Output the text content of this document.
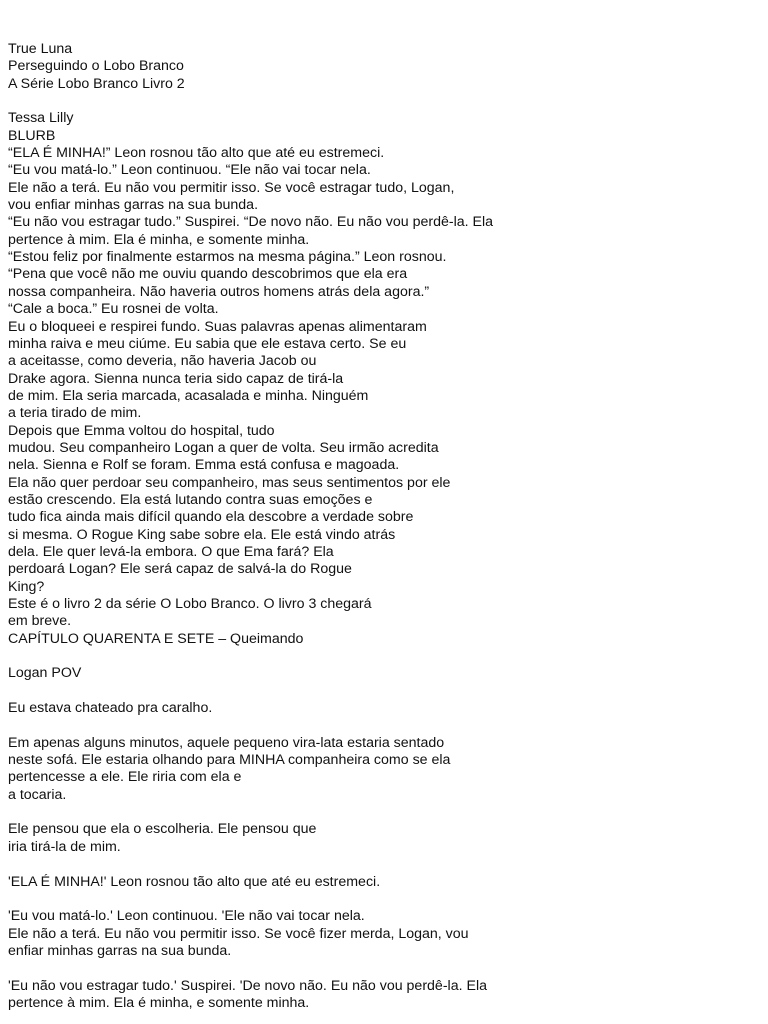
True Luna
Perseguindo o Lobo Branco
A Série Lobo Branco Livro 2
Tessa Lilly
BLURB
“ELA É MINHA!” Leon rosnou tão alto que até eu estremeci.
“Eu vou matá-lo.” Leon continuou. “Ele não vai tocar nela.
Ele não a terá. Eu não vou permitir isso. Se você estragar tudo, Logan,
vou enfiar minhas garras na sua bunda.
“Eu não vou estragar tudo.” Suspirei. “De novo não. Eu não vou perdê-la. Ela
pertence à mim. Ela é minha, e somente minha.
“Estou feliz por finalmente estarmos na mesma página.” Leon rosnou.
“Pena que você não me ouviu quando descobrimos que ela era
nossa companheira. Não haveria outros homens atrás dela agora.”
“Cale a boca.” Eu rosnei de volta.
Eu o bloqueei e respirei fundo. Suas palavras apenas alimentaram
minha raiva e meu ciúme. Eu sabia que ele estava certo. Se eu
a aceitasse, como deveria, não haveria Jacob ou
Drake agora. Sienna nunca teria sido capaz de tirá-la
de mim. Ela seria marcada, acasalada e minha. Ninguém
a teria tirado de mim.
Depois que Emma voltou do hospital, tudo
mudou. Seu companheiro Logan a quer de volta. Seu irmão acredita
nela. Sienna e Rolf se foram. Emma está confusa e magoada.
Ela não quer perdoar seu companheiro, mas seus sentimentos por ele
estão crescendo. Ela está lutando contra suas emoções e
tudo fica ainda mais difícil quando ela descobre a verdade sobre
si mesma. O Rogue King sabe sobre ela. Ele está vindo atrás
dela. Ele quer levá-la embora. O que Ema fará? Ela
perdoará Logan? Ele será capaz de salvá-la do Rogue
King?
Este é o livro 2 da série O Lobo Branco. O livro 3 chegará
em breve.
CAPÍTULO QUARENTA E SETE – Queimando
Logan POV
Eu estava chateado pra caralho.
Em apenas alguns minutos, aquele pequeno vira-lata estaria sentado
neste sofá. Ele estaria olhando para MINHA companheira como se ela
pertencesse a ele. Ele riria com ela e
a tocaria.
Ele pensou que ela o escolheria. Ele pensou que
iria tirá-la de mim.
'ELA É MINHA!' Leon rosnou tão alto que até eu estremeci.
'Eu vou matá-lo.' Leon continuou. 'Ele não vai tocar nela.
Ele não a terá. Eu não vou permitir isso. Se você fizer merda, Logan, vou
enfiar minhas garras na sua bunda.
'Eu não vou estragar tudo.' Suspirei. 'De novo não. Eu não vou perdê-la. Ela
pertence à mim. Ela é minha, e somente minha.
